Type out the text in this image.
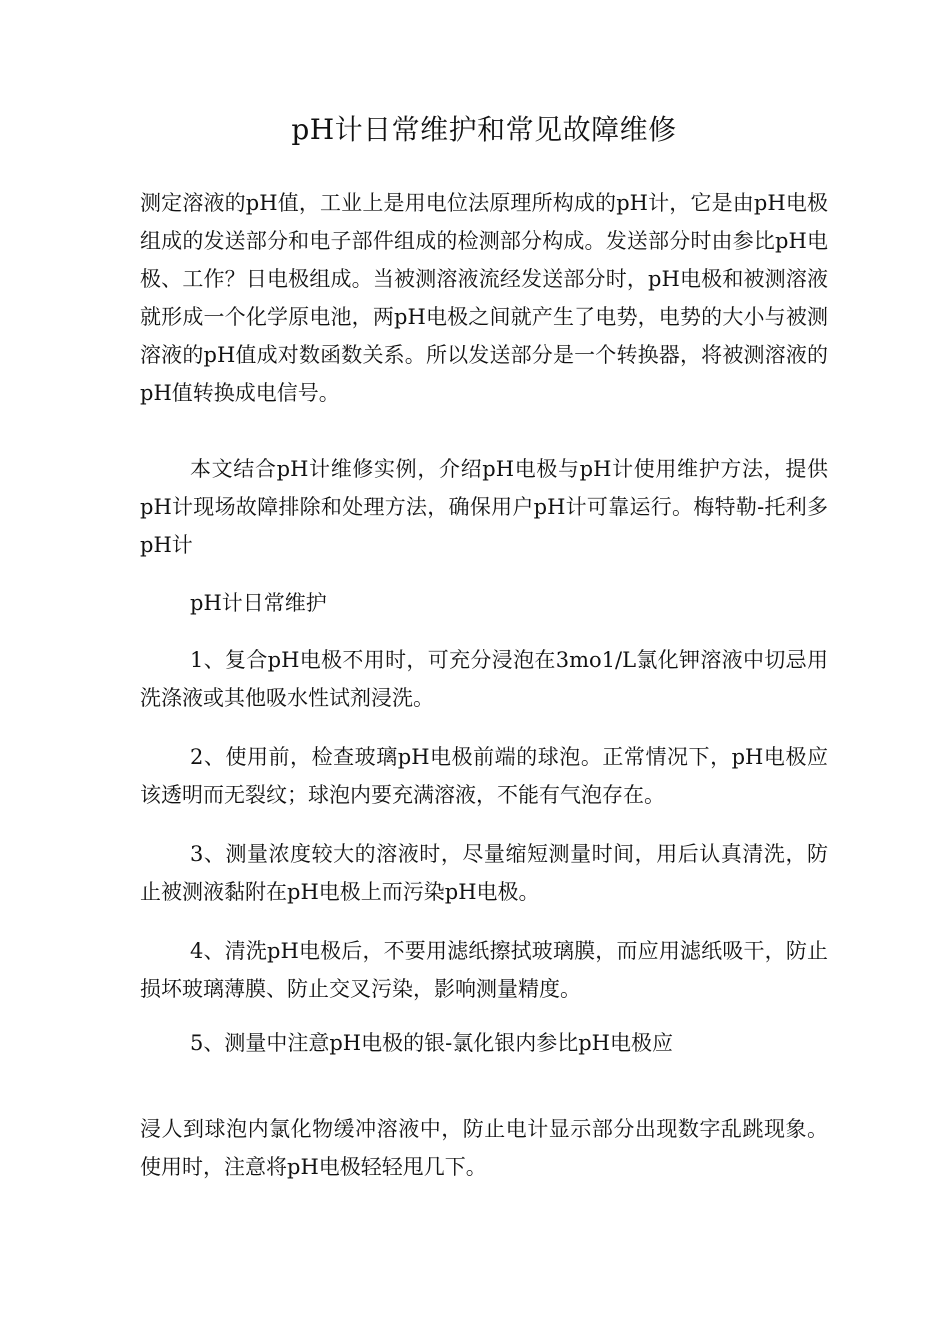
pH计日常维护和常见故障维修

测定溶液的pH值，工业上是用电位法原理所构成的pH计，它是由pH电极组成的发送部分和电子部件组成的检测部分构成。发送部分时由参比pH电极、工作？日电极组成。当被测溶液流经发送部分时，pH电极和被测溶液就形成一个化学原电池，两pH电极之间就产生了电势，电势的大小与被测溶液的pH值成对数函数关系。所以发送部分是一个转换器，将被测溶液的pH值转换成电信号。

本文结合pH计维修实例，介绍pH电极与pH计使用维护方法，提供pH计现场故障排除和处理方法，确保用户pH计可靠运行。梅特勒-托利多pH计

pH计日常维护

1、复合pH电极不用时，可充分浸泡在3mo1/L氯化钾溶液中切忌用洗涤液或其他吸水性试剂浸洗。

2、使用前，检查玻璃pH电极前端的球泡。正常情况下，pH电极应该透明而无裂纹；球泡内要充满溶液，不能有气泡存在。

3、测量浓度较大的溶液时，尽量缩短测量时间，用后认真清洗，防止被测液黏附在pH电极上而污染pH电极。

4、清洗pH电极后，不要用滤纸擦拭玻璃膜，而应用滤纸吸干，防止损坏玻璃薄膜、防止交叉污染，影响测量精度。

5、测量中注意pH电极的银-氯化银内参比pH电极应

浸人到球泡内氯化物缓冲溶液中，防止电计显示部分出现数字乱跳现象。使用时，注意将pH电极轻轻甩几下。
